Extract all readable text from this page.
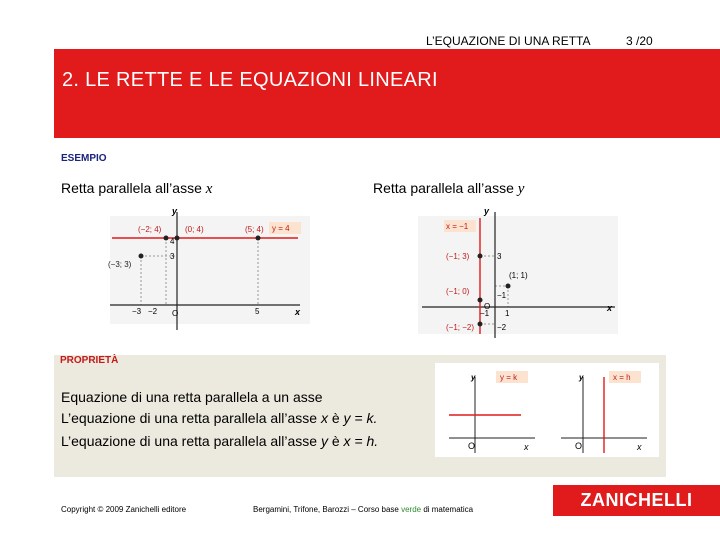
L’EQUAZIONE DI UNA RETTA	3 /20
2. LE RETTE E LE EQUAZIONI LINEARI
ESEMPIO
Retta parallela all’asse x	Retta parallela all’asse y
y
x
O
(−2; 4)	(0; 4)	(5; 4)
(−3; 3)
y = 4
−3 −2	5
4
3
y
x
O
x = −1
(−1; 3)
(−1; 0)
(−1; −2)
(1; 1)
−1 1
3
−1
−2
PROPRIETÀ
Equazione di una retta parallela a un asse
L’equazione di una retta parallela all’asse x è y = k.
L’equazione di una retta parallela all’asse y è x = h.
y = k
y
x
O
x = h
y
x
O
Copyright © 2009 Zanichelli editore	Bergamini, Trifone, Barozzi – Corso base verde di matematica	ZANICHELLI
